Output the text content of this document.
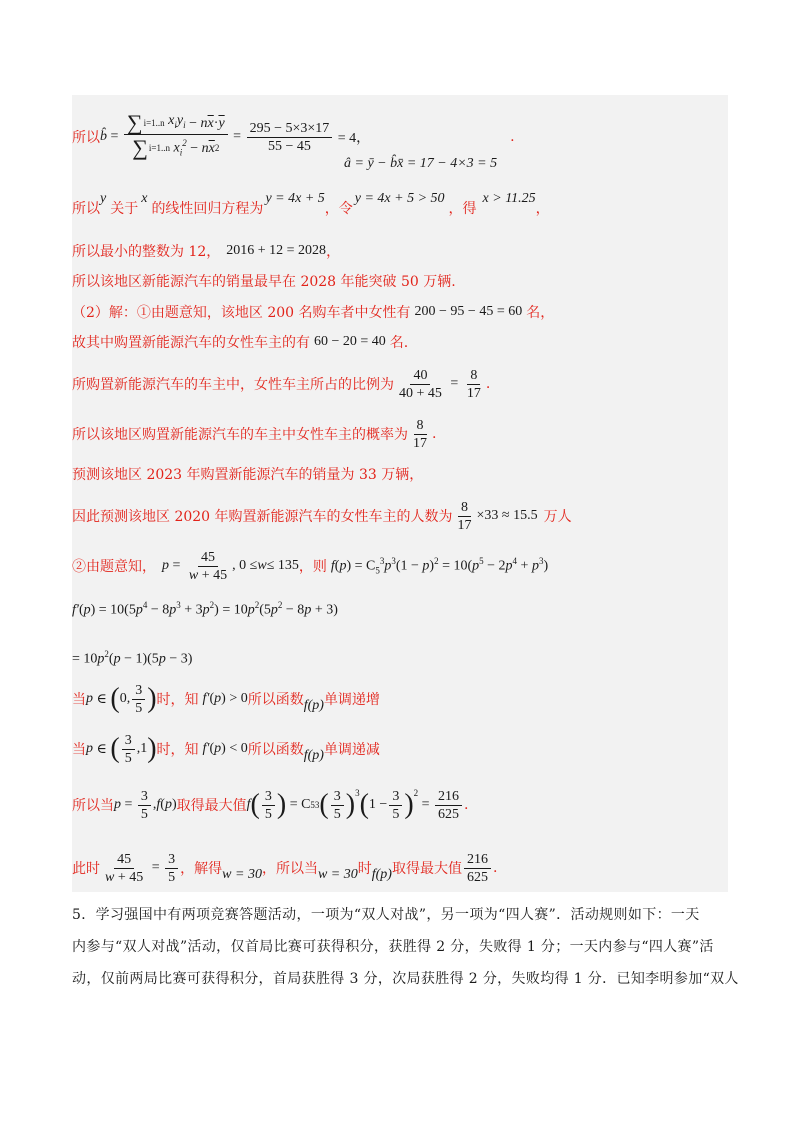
所以 b̂ = ∑ i=1..n
$x_iy_i - n$ $\overline{x} \cdot \overline{y}$
∑ i=1..n
$x_i^2 - n$ $\overline{x}$ $2 = \frac{295 - 5\times 3\times 17}{55 - 45} = 4$，	.
â = ȳ − b̂x̄ = 17 − 4×3 = 5
所以
y
关于
x
的线性回归方程为
y = 4x + 5
，令
y = 4x + 5 > 50
，得
x > 11.25
，
所以最小的整数为 12， 2016 + 12 = 2028 ，
所以该地区新能源汽车的销量最早在 2028 年能突破 50 万辆.
（2）解：①由题意知，该地区 200 名购车者中女性有 200 − 95 − 45 = 60 名，
故其中购置新能源汽车的女性车主的有 60 − 20 = 40 名.
所购置新能源汽车的车主中，女性车主所占的比例为 $\frac{40}{40 + 45} = \frac{8}{17}$ .
所以该地区购置新能源汽车的车主中女性车主的概率为 $\frac{8}{17}$ .
预测该地区 2023 年购置新能源汽车的销量为 33 万辆，
因此预测该地区 2020 年购置新能源汽车的女性车主的人数为 $\frac{8}{17} \times 33 \approx 15.5$ 万人
②由题意知， $p = \frac{45}{w + 45}$ , 0 ≤ w ≤ 135 ，则 $f(p) = C_5^3p^3(1 - p)^2 = 10(p^5 - 2p^4 + p^3)$
$f'(p) = 10(5p^4 - 8p^3 + 3p^2) = 10p^2(5p^2 - 8p + 3)$
= $10p^2(p - 1)(5p - 3)$
当 p ∈ ( 0, $\frac{3}{5}$ ) 时，知 f′(p) > 0 所以函数 f(p) 单调递增
当 p ∈ ( $\frac{3}{5} ,1$ ) 时，知 f′(p) < 0 所以函数 f(p) 单调递减
所以当 $p = \frac{3}{5}$ , f ( p ) 取得最大值 f ( $\frac{3}{5}$ ) = C 5 3 ( $\frac{3}{5} )^3$ ( $1 - \frac{3}{5} )^2$
= $\frac{216}{625}$ .
此时 $\frac{45}{w + 45} = \frac{3}{5}$ ，解得 w = 30 ，所以当 w = 30 时 f(p) 取得最大值 $\frac{216}{625}$ .
5．学习强国中有两项竞赛答题活动，一项为“双人对战”，另一项为“四人赛”．活动规则如下：一天
内参与“双人对战”活动，仅首局比赛可获得积分，获胜得 2 分，失败得 1 分；一天内参与“四人赛”活
动，仅前两局比赛可获得积分，首局获胜得 3 分，次局获胜得 2 分，失败均得 1 分．已知李明参加“双人
